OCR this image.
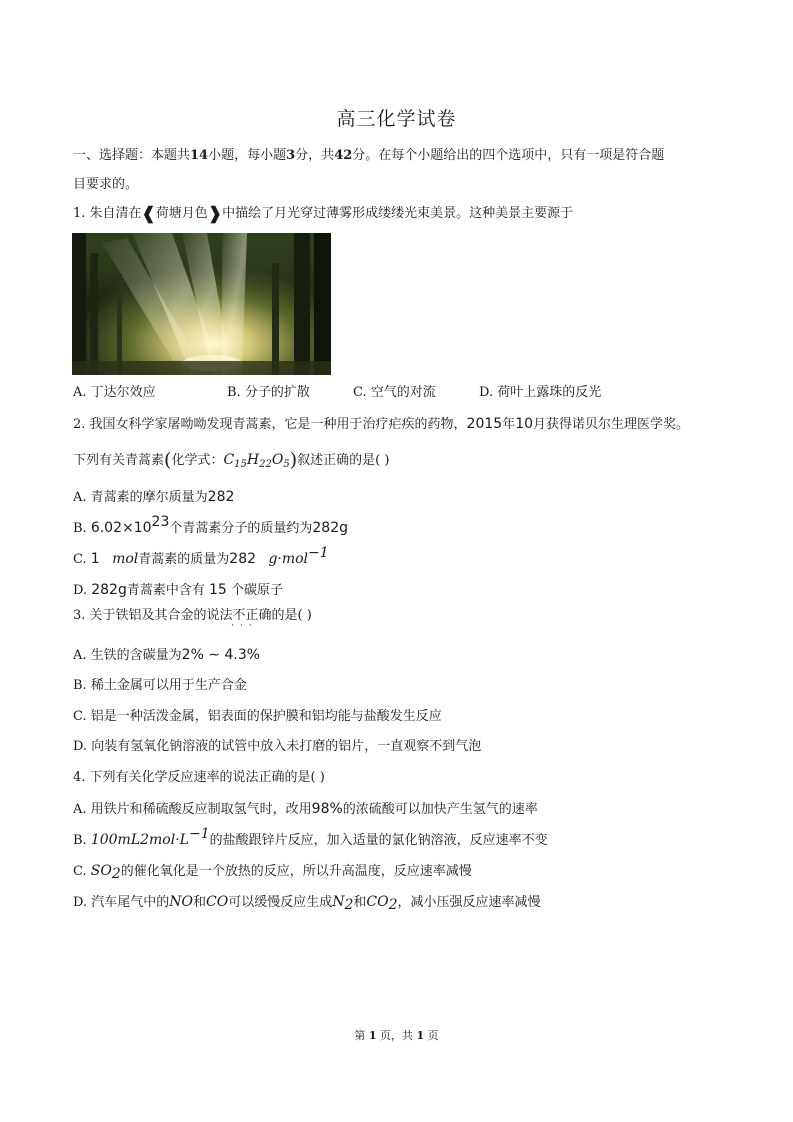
高三化学试卷
一、选择题：本题共14小题，每小题3分，共42分。在每个小题给出的四个选项中，只有一项是符合题
目要求的。
1. 朱自清在❰荷塘月色❱中描绘了月光穿过薄雾形成缕缕光束美景。这种美景主要源于
A. 丁达尔效应	B. 分子的扩散	C. 空气的对流	D. 荷叶上露珠的反光
2. 我国女科学家屠呦呦发现青蒿素，它是一种用于治疗疟疾的药物，2015年10月获得诺贝尔生理医学奖。
下列有关青蒿素(化学式：$C_{15}H_{22}O_5$)叙述正确的是( )
A. 青蒿素的摩尔质量为282
B. $6.02\times 10^{23}$个青蒿素分子的质量约为282g
C. 1 mol青蒿素的质量为282 g·mol$^{-1}$
D. 282g青蒿素中含有 15 个碳原子
3. 关于铁铝及其合金的说法不正确的是( )
···
A. 生铁的含碳量为2% ∼ 4.3%
B. 稀土金属可以用于生产合金
C. 铝是一种活泼金属，铝表面的保护膜和铝均能与盐酸发生反应
D. 向装有氢氧化钠溶液的试管中放入未打磨的铝片，一直观察不到气泡
4. 下列有关化学反应速率的说法正确的是( )
A. 用铁片和稀硫酸反应制取氢气时，改用98%的浓硫酸可以加快产生氢气的速率
B. $100mL2mol\cdot L^{-1}$的盐酸跟锌片反应，加入适量的氯化钠溶液，反应速率不变
C. $SO_2$的催化氧化是一个放热的反应，所以升高温度，反应速率减慢
D. 汽车尾气中的NO和CO可以缓慢反应生成$N_2$和$CO_2$，减小压强反应速率减慢
第 1 页，共 1 页
